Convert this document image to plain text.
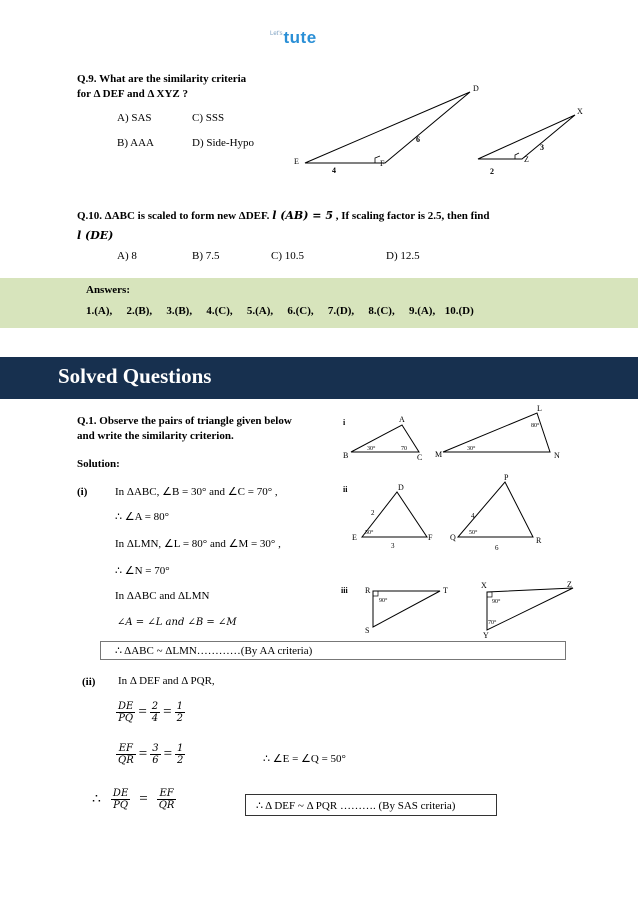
$^{Let's}$tute
Q.9. What are the similarity criteria
for Δ DEF and Δ XYZ ?
A) SAS	C) SSS
B) AAA	D) Side-Hypo
D
E	F
4
6
X
Z
2
3
Q.10. ΔABC is scaled to form new ΔDEF. l (AB) = 5 , If scaling factor is 2.5, then find
l (DE)
A) 8	B) 7.5	C) 10.5	D) 12.5
Answers:
1.(A),   2.(B),   3.(B),   4.(C),   5.(A),   6.(C),   7.(D),   8.(C),   9.(A),  10.(D)
Solved Questions
Q.1. Observe the pairs of triangle given below
and write the similarity criterion.
Solution:
(i)	In ΔABC, ∠B = 30° and ∠C = 70° ,
∴ ∠A = 80°
In ΔLMN, ∠L = 80° and ∠M = 30° ,
∴ ∠N = 70°
In ΔABC and ΔLMN
∠A = ∠L and ∠B = ∠M
∴ ΔABC ~ ΔLMN…………(By AA criteria)
(ii) In Δ DEF and Δ PQR,
$\frac{DE}{PQ} = \frac{2}{4} = \frac{1}{2}$
$\frac{EF}{QR} = \frac{3}{6} = \frac{1}{2}$	∴ ∠E = ∠Q = 50°
∴ $\frac{DE}{PQ} = \frac{EF}{QR}$	∴ Δ DEF ~ Δ PQR ………. (By SAS criteria)
i	A
B	C
30°	70
L
M	N
80°
30°
ii	D
E	F
2
3
50°
P
Q	R
4
6
50°
iii R
S
T
90°
X
Y
Z
90°
70°
